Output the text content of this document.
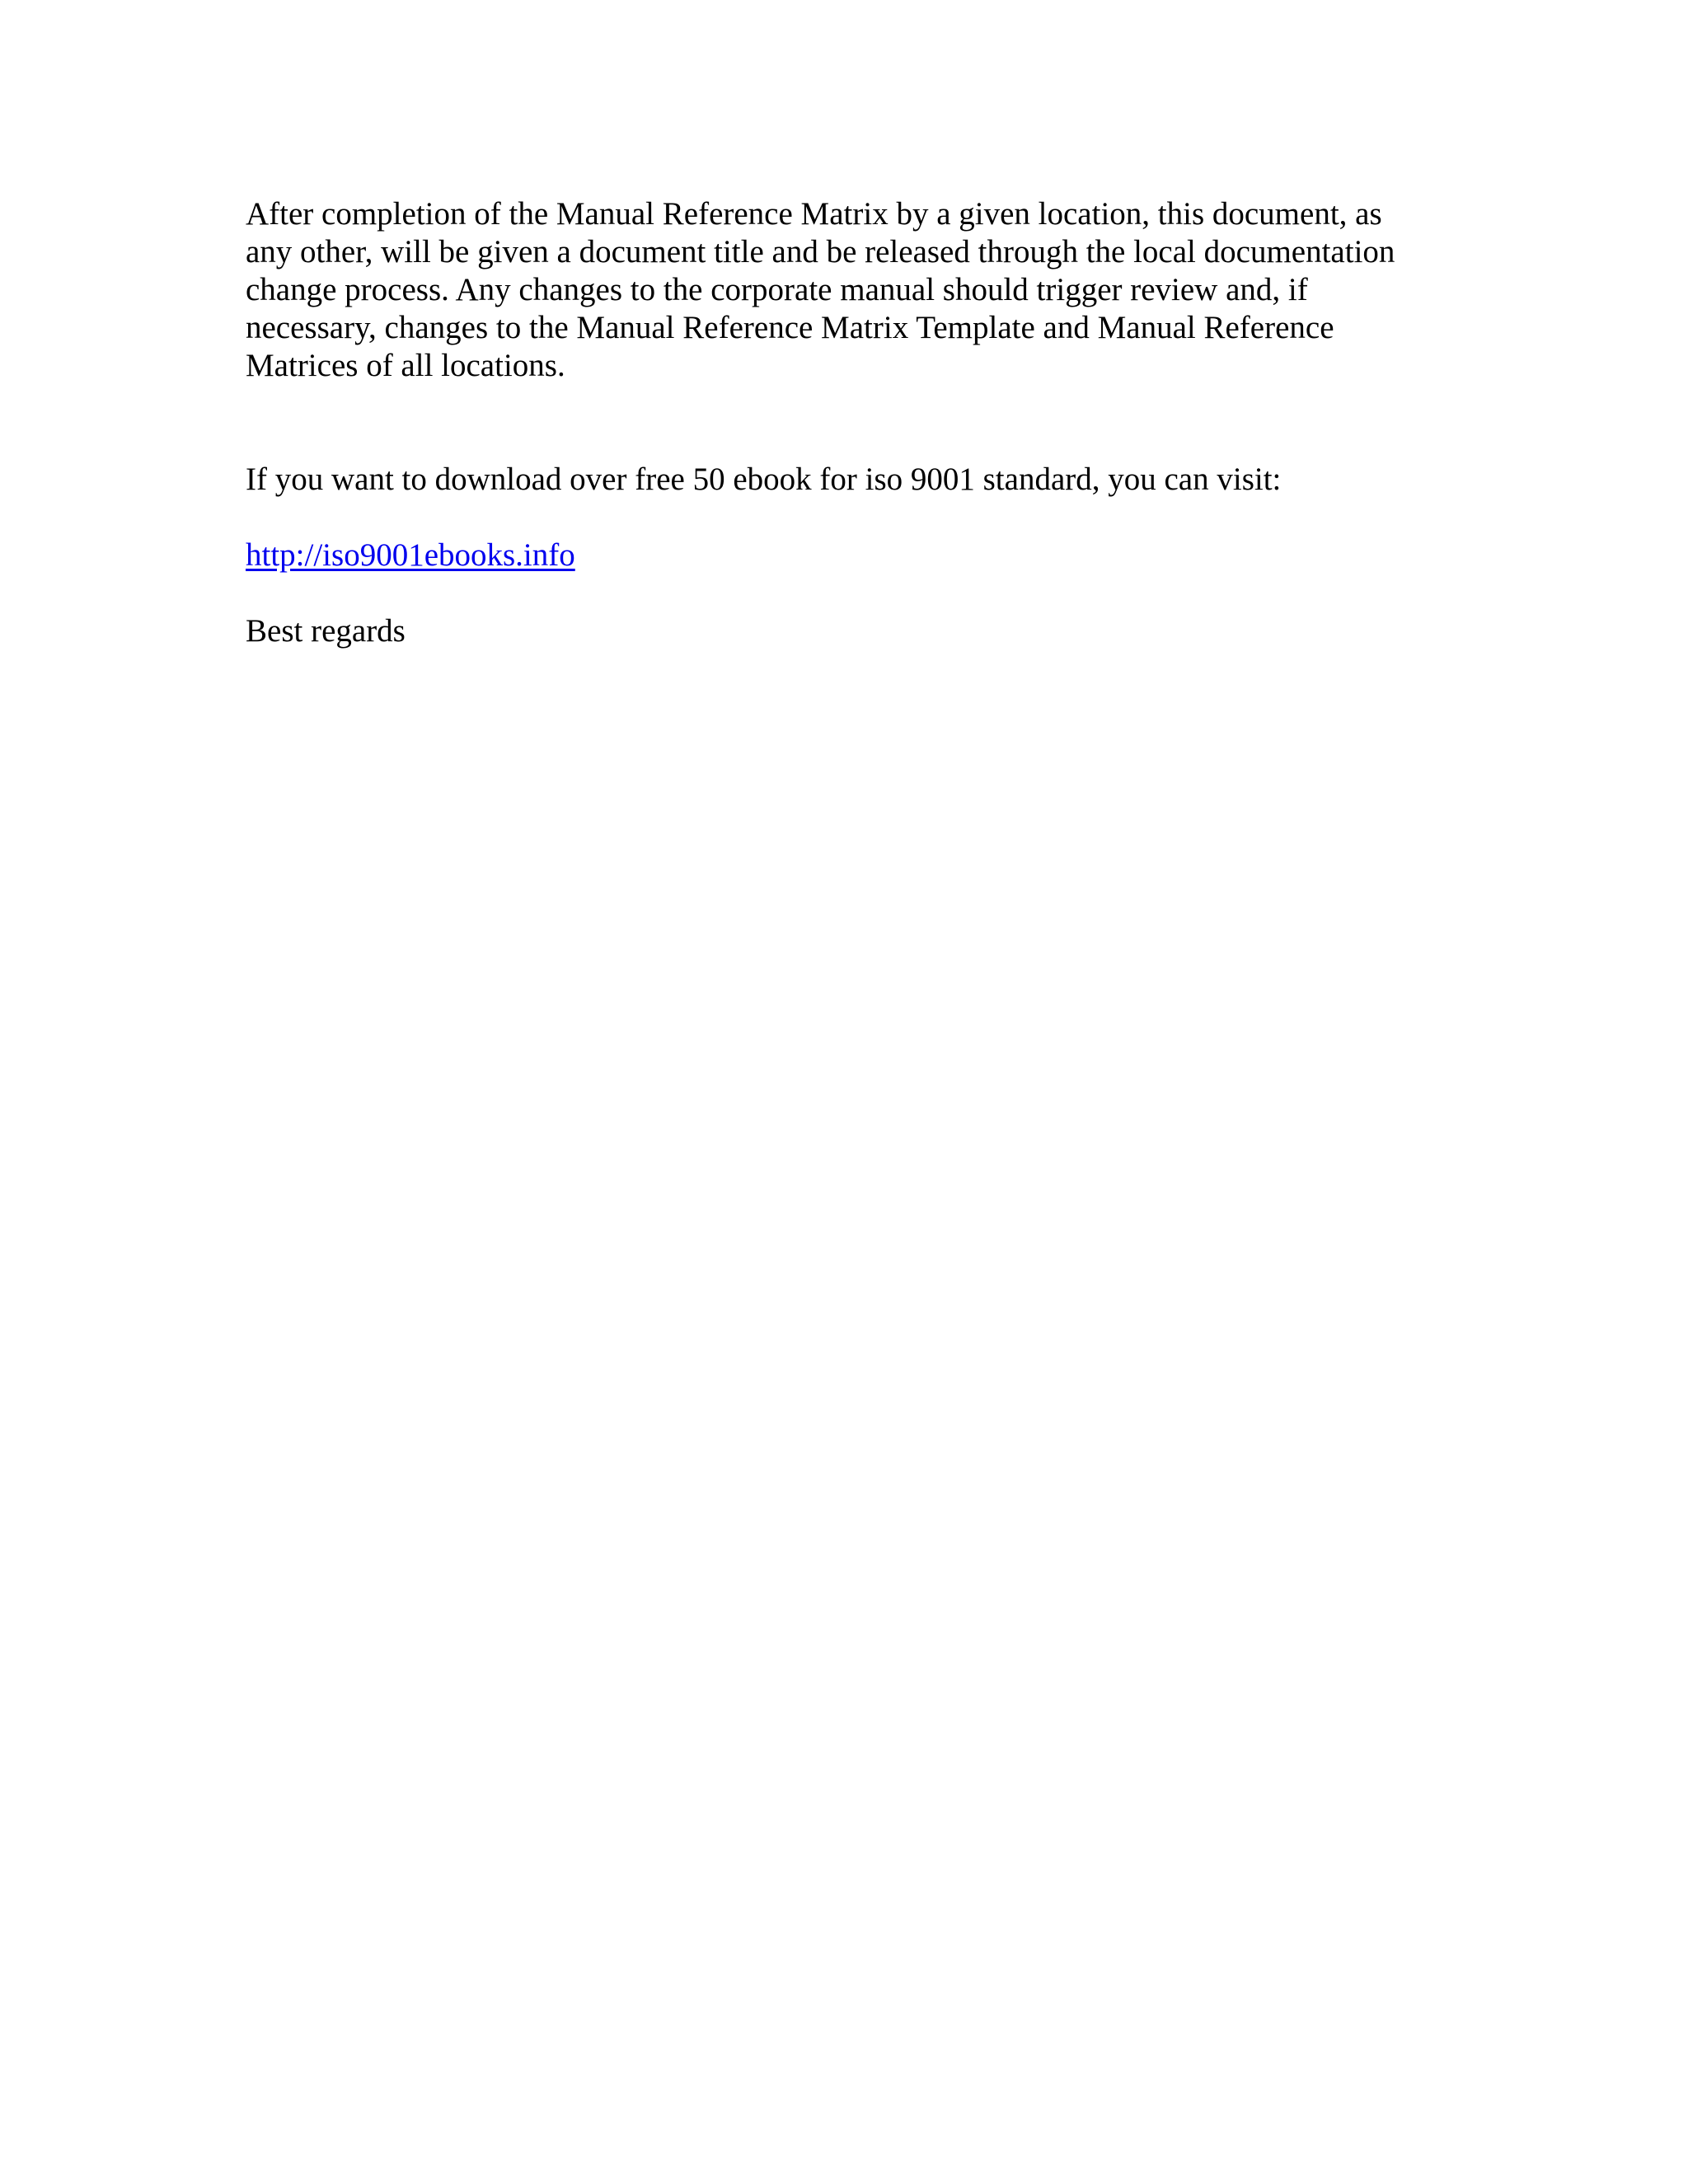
After completion of the Manual Reference Matrix by a given location, this document, as
any other, will be given a document title and be released through the local documentation
change process. Any changes to the corporate manual should trigger review and, if
necessary, changes to the Manual Reference Matrix Template and Manual Reference
Matrices of all locations.

If you want to download over free 50 ebook for iso 9001 standard, you can visit:

http://iso9001ebooks.info

Best regards
